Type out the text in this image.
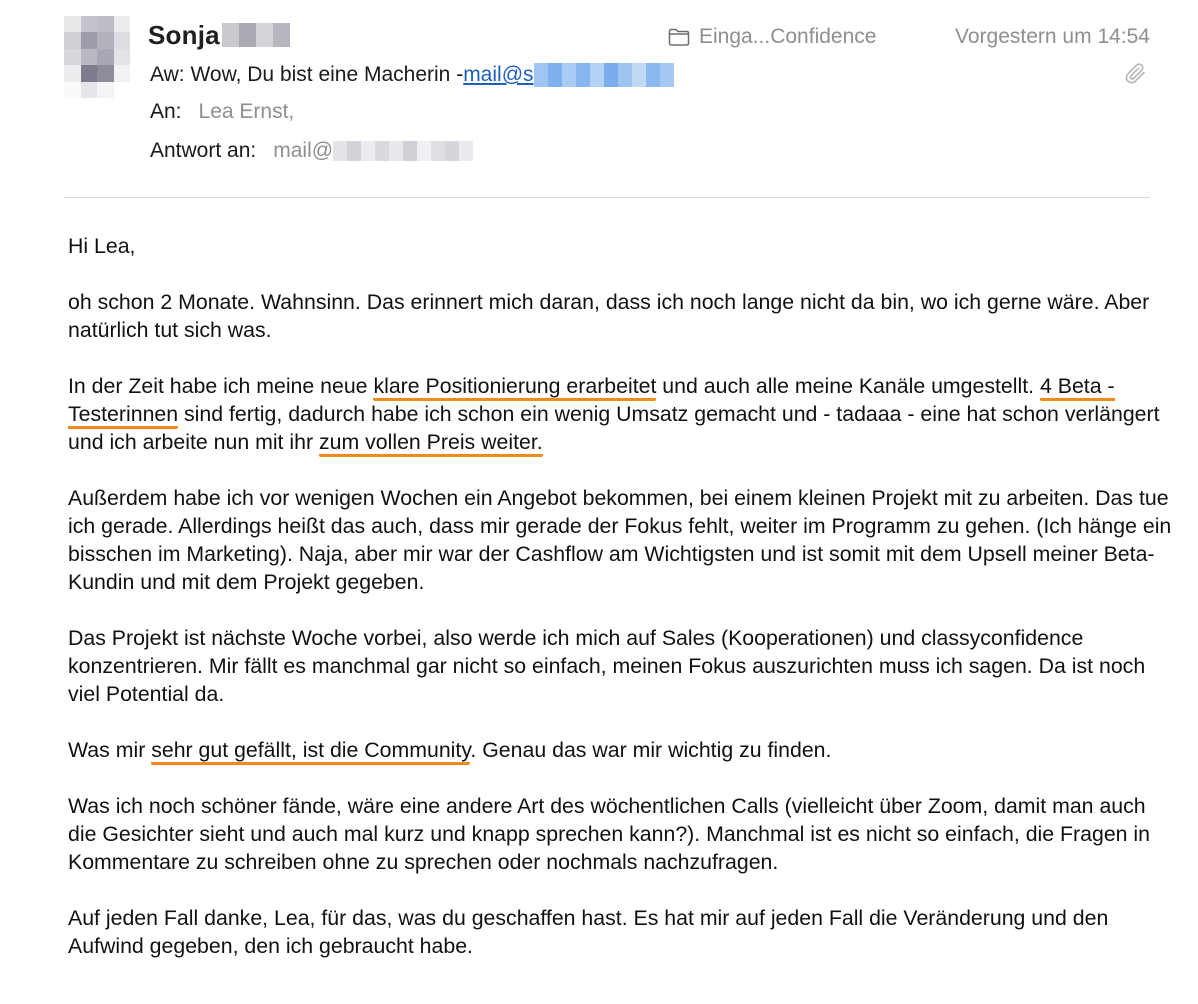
Sonja	Einga...Confidence	Vorgestern um 14:54
Aw: Wow, Du bist eine Macherin - mail@s
An: Lea Ernst,
Antwort an: mail@

Hi Lea,

oh schon 2 Monate. Wahnsinn. Das erinnert mich daran, dass ich noch lange nicht da bin, wo ich gerne wäre. Aber natürlich tut sich was.

In der Zeit habe ich meine neue klare Positionierung erarbeitet und auch alle meine Kanäle umgestellt. 4 Beta - Testerinnen sind fertig, dadurch habe ich schon ein wenig Umsatz gemacht und - tadaaa - eine hat schon verlängert und ich arbeite nun mit ihr zum vollen Preis weiter.

Außerdem habe ich vor wenigen Wochen ein Angebot bekommen, bei einem kleinen Projekt mit zu arbeiten. Das tue ich gerade. Allerdings heißt das auch, dass mir gerade der Fokus fehlt, weiter im Programm zu gehen. (Ich hänge ein bisschen im Marketing). Naja, aber mir war der Cashflow am Wichtigsten und ist somit mit dem Upsell meiner Beta-Kundin und mit dem Projekt gegeben.

Das Projekt ist nächste Woche vorbei, also werde ich mich auf Sales (Kooperationen) und classyconfidence konzentrieren. Mir fällt es manchmal gar nicht so einfach, meinen Fokus auszurichten muss ich sagen. Da ist noch viel Potential da.

Was mir sehr gut gefällt, ist die Community. Genau das war mir wichtig zu finden.

Was ich noch schöner fände, wäre eine andere Art des wöchentlichen Calls (vielleicht über Zoom, damit man auch die Gesichter sieht und auch mal kurz und knapp sprechen kann?). Manchmal ist es nicht so einfach, die Fragen in Kommentare zu schreiben ohne zu sprechen oder nochmals nachzufragen.

Auf jeden Fall danke, Lea, für das, was du geschaffen hast. Es hat mir auf jeden Fall die Veränderung und den Aufwind gegeben, den ich gebraucht habe.
